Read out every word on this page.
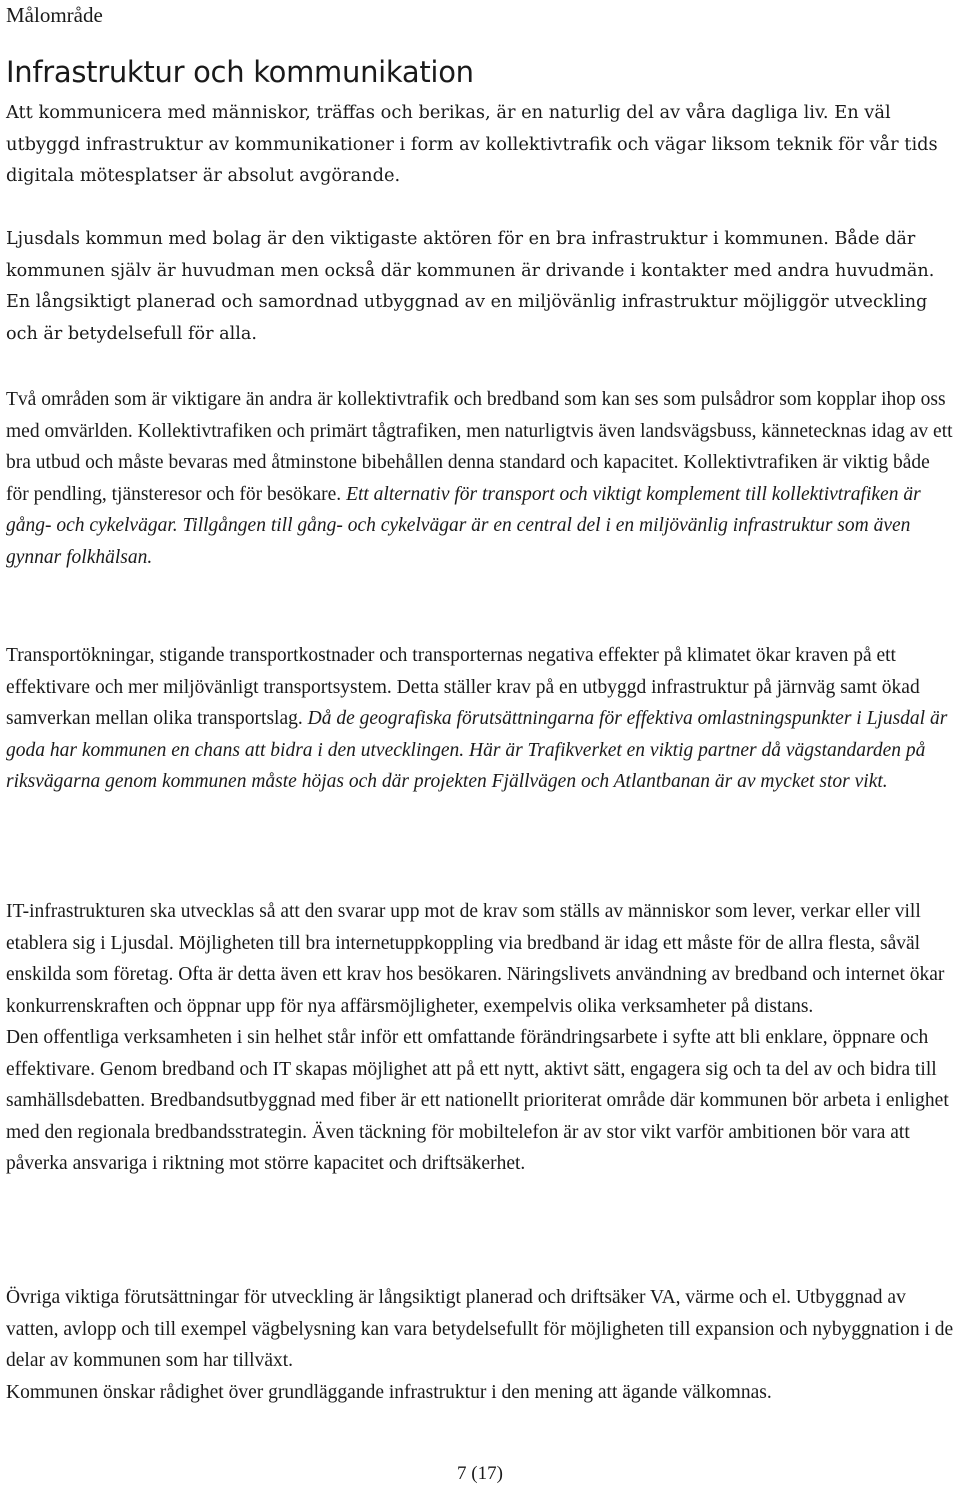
Målområde
Infrastruktur och kommunikation

Att kommunicera med människor, träffas och berikas, är en naturlig del av våra dagliga liv. En väl utbyggd infrastruktur av kommunikationer i form av kollektivtrafik och vägar liksom teknik för vår tids digitala mötesplatser är absolut avgörande.

Ljusdals kommun med bolag är den viktigaste aktören för en bra infrastruktur i kommunen. Både där kommunen själv är huvudman men också där kommunen är drivande i kontakter med andra huvudmän. En långsiktigt planerad och samordnad utbyggnad av en miljövänlig infrastruktur möjliggör utveckling och är betydelsefull för alla.

Två områden som är viktigare än andra är kollektivtrafik och bredband som kan ses som pulsådror som kopplar ihop oss med omvärlden. Kollektivtrafiken och primärt tågtrafiken, men naturligtvis även landsvägsbuss, kännetecknas idag av ett bra utbud och måste bevaras med åtminstone bibehållen denna standard och kapacitet. Kollektivtrafiken är viktig både för pendling, tjänsteresor och för besökare. Ett alternativ för transport och viktigt komplement till kollektivtrafiken är gång- och cykelvägar. Tillgången till gång- och cykelvägar är en central del i en miljövänlig infrastruktur som även gynnar folkhälsan.

Transportökningar, stigande transportkostnader och transporternas negativa effekter på klimatet ökar kraven på ett effektivare och mer miljövänligt transportsystem. Detta ställer krav på en utbyggd infrastruktur på järnväg samt ökad samverkan mellan olika transportslag. Då de geografiska förutsättningarna för effektiva omlastningspunkter i Ljusdal är goda har kommunen en chans att bidra i den utvecklingen. Här är Trafikverket en viktig partner då vägstandarden på riksvägarna genom kommunen måste höjas och där projekten Fjällvägen och Atlantbanan är av mycket stor vikt.

IT-infrastrukturen ska utvecklas så att den svarar upp mot de krav som ställs av människor som lever, verkar eller vill etablera sig i Ljusdal. Möjligheten till bra internetuppkoppling via bredband är idag ett måste för de allra flesta, såväl enskilda som företag. Ofta är detta även ett krav hos besökaren. Näringslivets användning av bredband och internet ökar konkurrenskraften och öppnar upp för nya affärsmöjligheter, exempelvis olika verksamheter på distans.
Den offentliga verksamheten i sin helhet står inför ett omfattande förändringsarbete i syfte att bli enklare, öppnare och effektivare. Genom bredband och IT skapas möjlighet att på ett nytt, aktivt sätt, engagera sig och ta del av och bidra till samhällsdebatten. Bredbandsutbyggnad med fiber är ett nationellt prioriterat område där kommunen bör arbeta i enlighet med den regionala bredbandsstrategin. Även täckning för mobiltelefon är av stor vikt varför ambitionen bör vara att påverka ansvariga i riktning mot större kapacitet och driftsäkerhet.

Övriga viktiga förutsättningar för utveckling är långsiktigt planerad och driftsäker VA, värme och el. Utbyggnad av vatten, avlopp och till exempel vägbelysning kan vara betydelsefullt för möjligheten till expansion och nybyggnation i de delar av kommunen som har tillväxt.
Kommunen önskar rådighet över grundläggande infrastruktur i den mening att ägande välkomnas.

7 (17)
